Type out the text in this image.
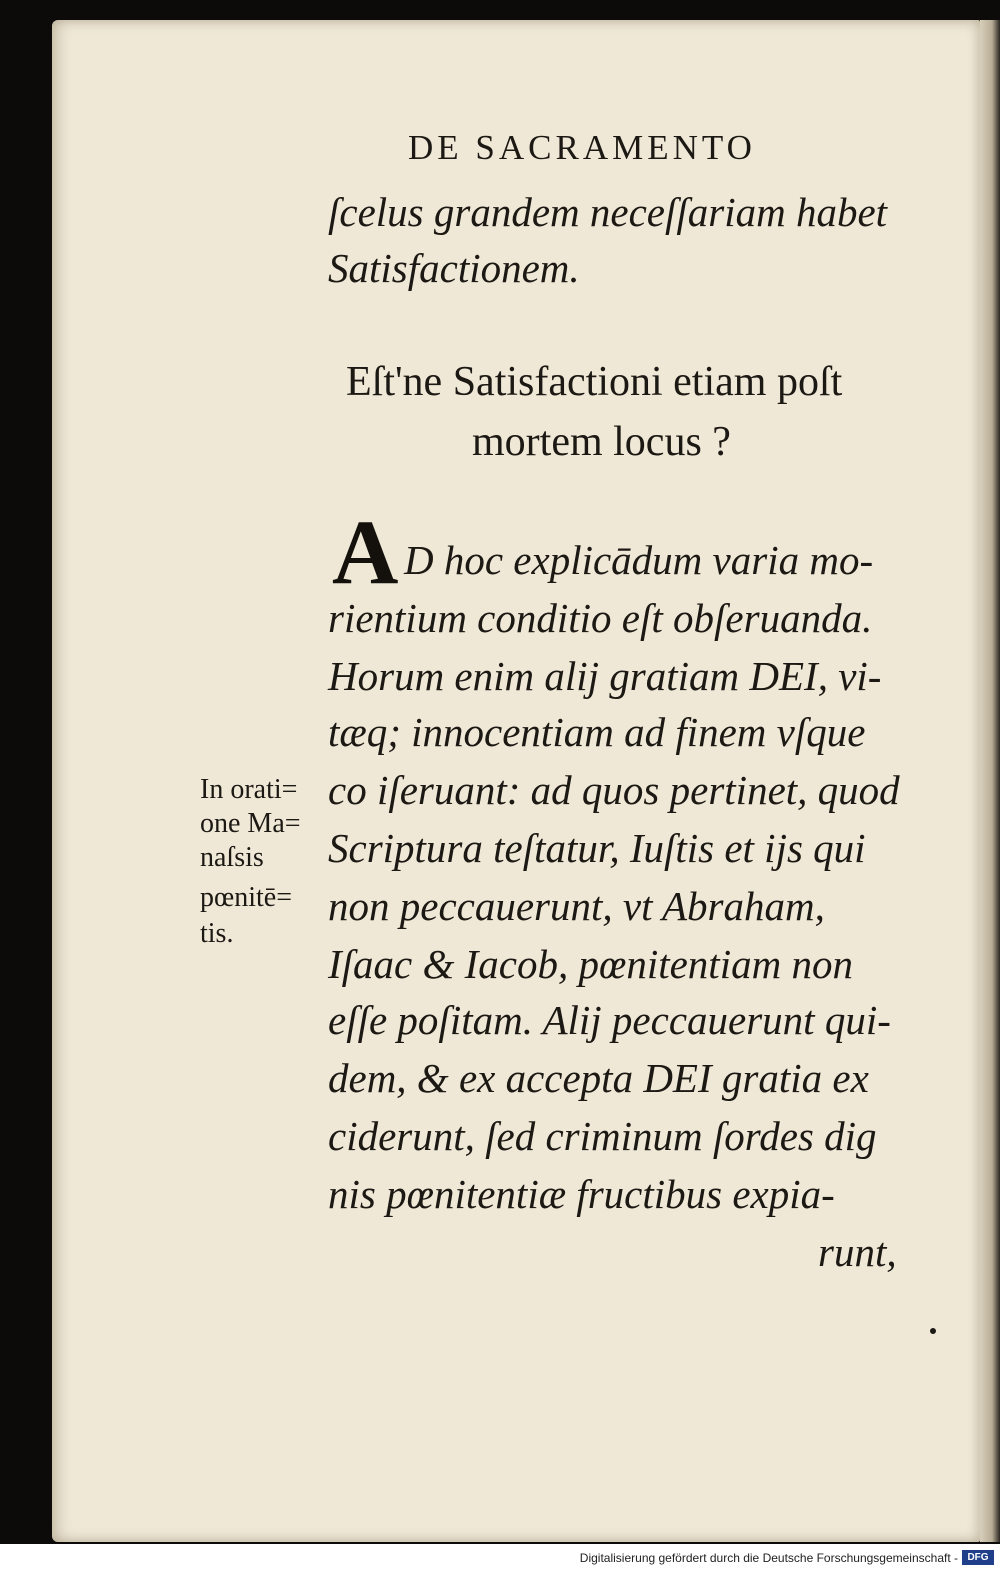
DE SACRAMENTO
ſcelus grandem neceſſariam habet
Satisfactionem.
Eſt'ne Satisfactioni etiam poſt
mortem locus ?
A D hoc explicādum varia mo-
rientium conditio eſt obſeruanda.
Horum enim alij gratiam DEI, vi-
tæq; innocentiam ad finem vſque
co iſeruant: ad quos pertinet, quod
Scriptura teſtatur, Iuſtis et ijs qui
non peccauerunt, vt Abraham,
Iſaac & Iacob, pœnitentiam non
eſſe poſitam. Alij peccauerunt qui-
dem, & ex accepta DEI gratia ex
ciderunt, ſed criminum ſordes dig
nis pœnitentiæ fructibus expia-
runt,
In orati=
one Ma=
naſsis
pœnitē=
tis.
Digitalisierung gefördert durch die Deutsche Forschungsgemeinschaft - DFG
